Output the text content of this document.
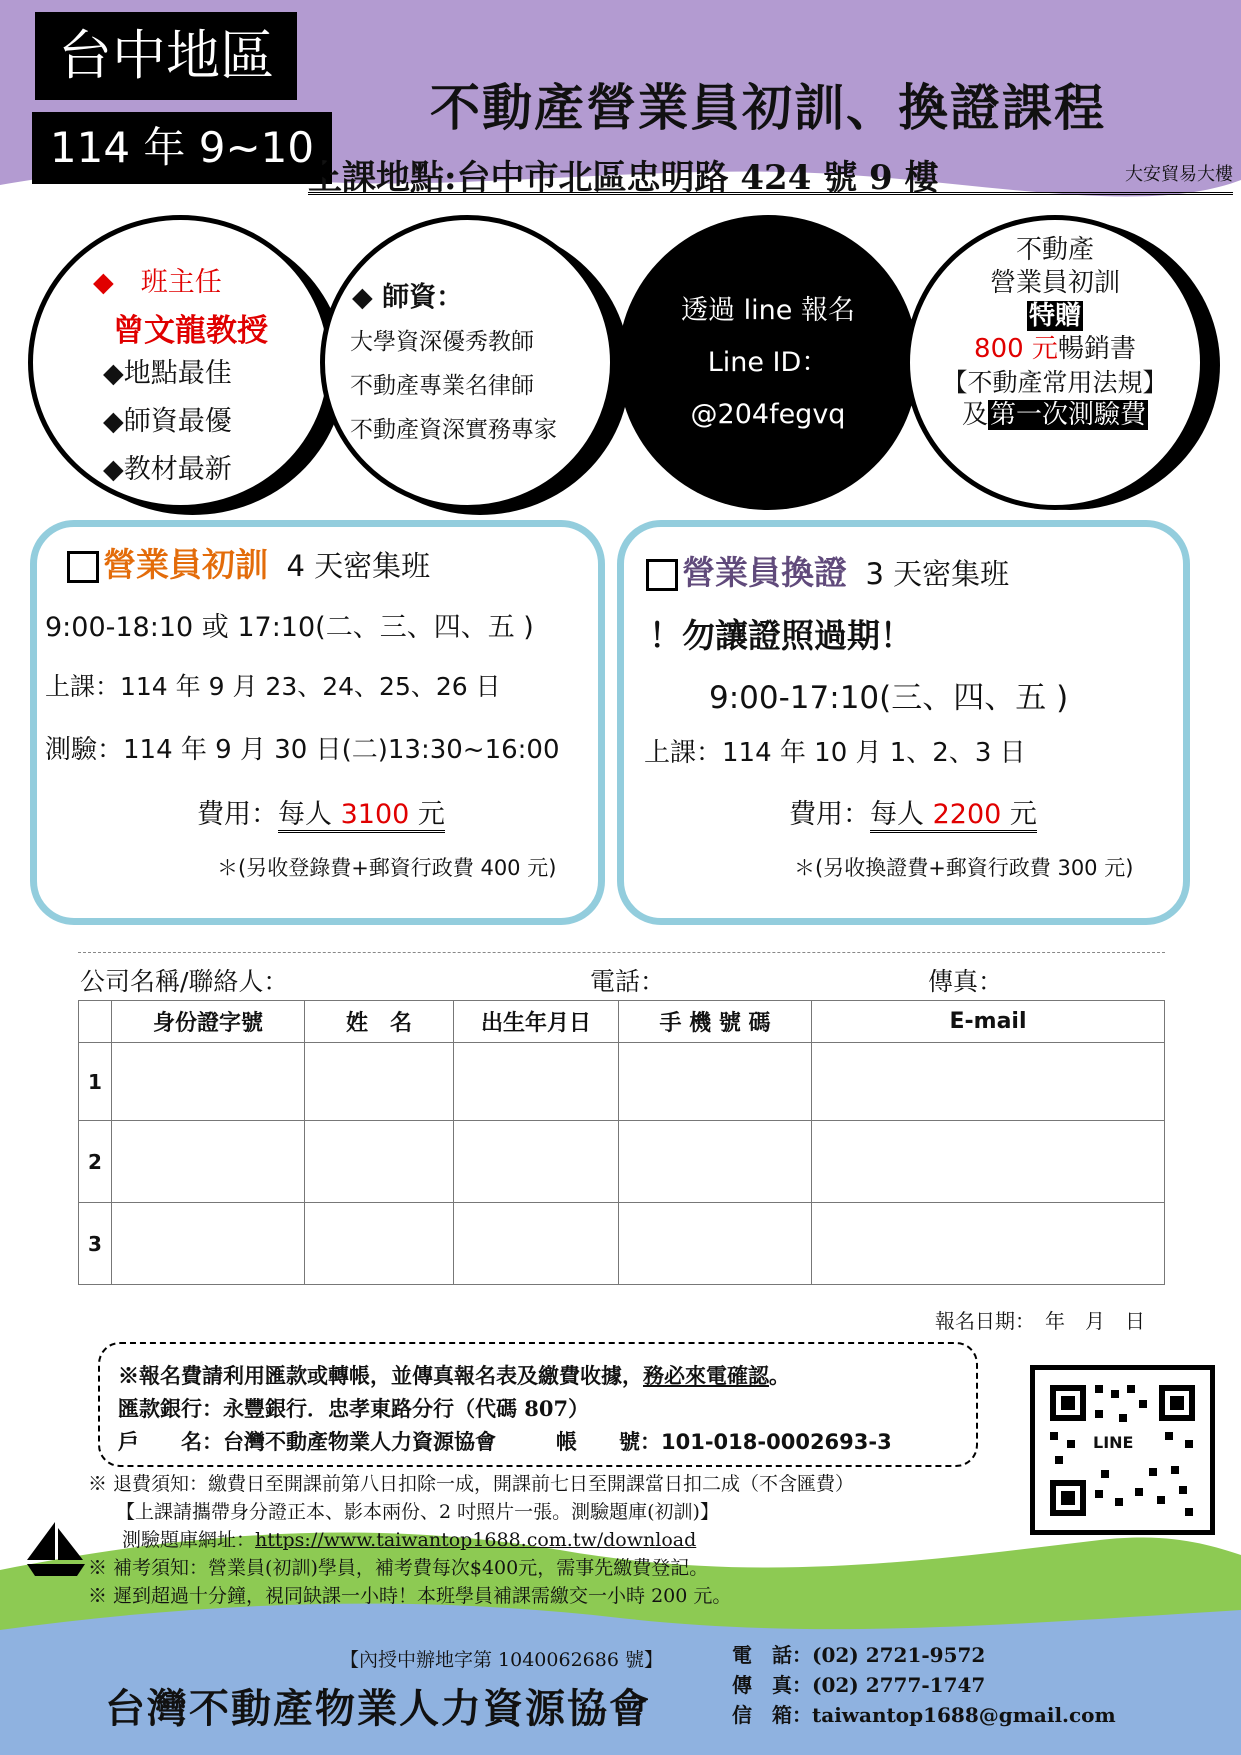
台中地區
114 年 9~10
不動產營業員初訓、換證課程
上課地點:台中市北區忠明路 424 號 9 樓	大安貿易大樓
◆　 班主任
曾文龍教授
◆地點最佳
◆師資最優
◆教材最新
◆ 師資：
大學資深優秀教師
不動產專業名律師
不動產資深實務專家
透過 line 報名
Line ID：
@204fegvq
不動產
營業員初訓
特贈
800 元暢銷書
【不動產常用法規】
及第一次測驗費
營業員初訓 4 天密集班
9:00-18:10 或 17:10(二、三、四、五 )
上課：114 年 9 月 23、24、25、26 日
測驗：114 年 9 月 30 日(二)13:30~16:00
費用：每人 3100 元
＊(另收登錄費+郵資行政費 400 元)
營業員換證 3 天密集班
！勿讓證照過期！
9:00-17:10(三、四、五 )
上課：114 年 10 月 1、2、3 日
費用：每人 2200 元
＊(另收換證費+郵資行政費 300 元)
公司名稱/聯絡人：	電話：	傳真：
	身份證字號	姓　名	出生年月日	手 機 號 碼	E-mail
1					
2					
3					
報名日期：　年　月　日
※報名費請利用匯款或轉帳，並傳真報名表及繳費收據，務必來電確認。
匯款銀行：永豐銀行．忠孝東路分行（代碼 807）
戶　　名：台灣不動產物業人力資源協會	帳　　號：101-018-0002693-3	LINE
※ 退費須知：繳費日至開課前第八日扣除一成，開課前七日至開課當日扣二成（不含匯費）
【上課請攜帶身分證正本、影本兩份、2 吋照片一張。測驗題庫(初訓)】
測驗題庫網址：https://www.taiwantop1688.com.tw/download
※ 補考須知：營業員(初訓)學員，補考費每次$400元，需事先繳費登記。
※ 遲到超過十分鐘，視同缺課一小時！本班學員補課需繳交一小時 200 元。
【內授中辦地字第 1040062686 號】
台灣不動產物業人力資源協會
電　話：(02) 2721-9572
傳　真：(02) 2777-1747
信　箱：taiwantop1688@gmail.com
